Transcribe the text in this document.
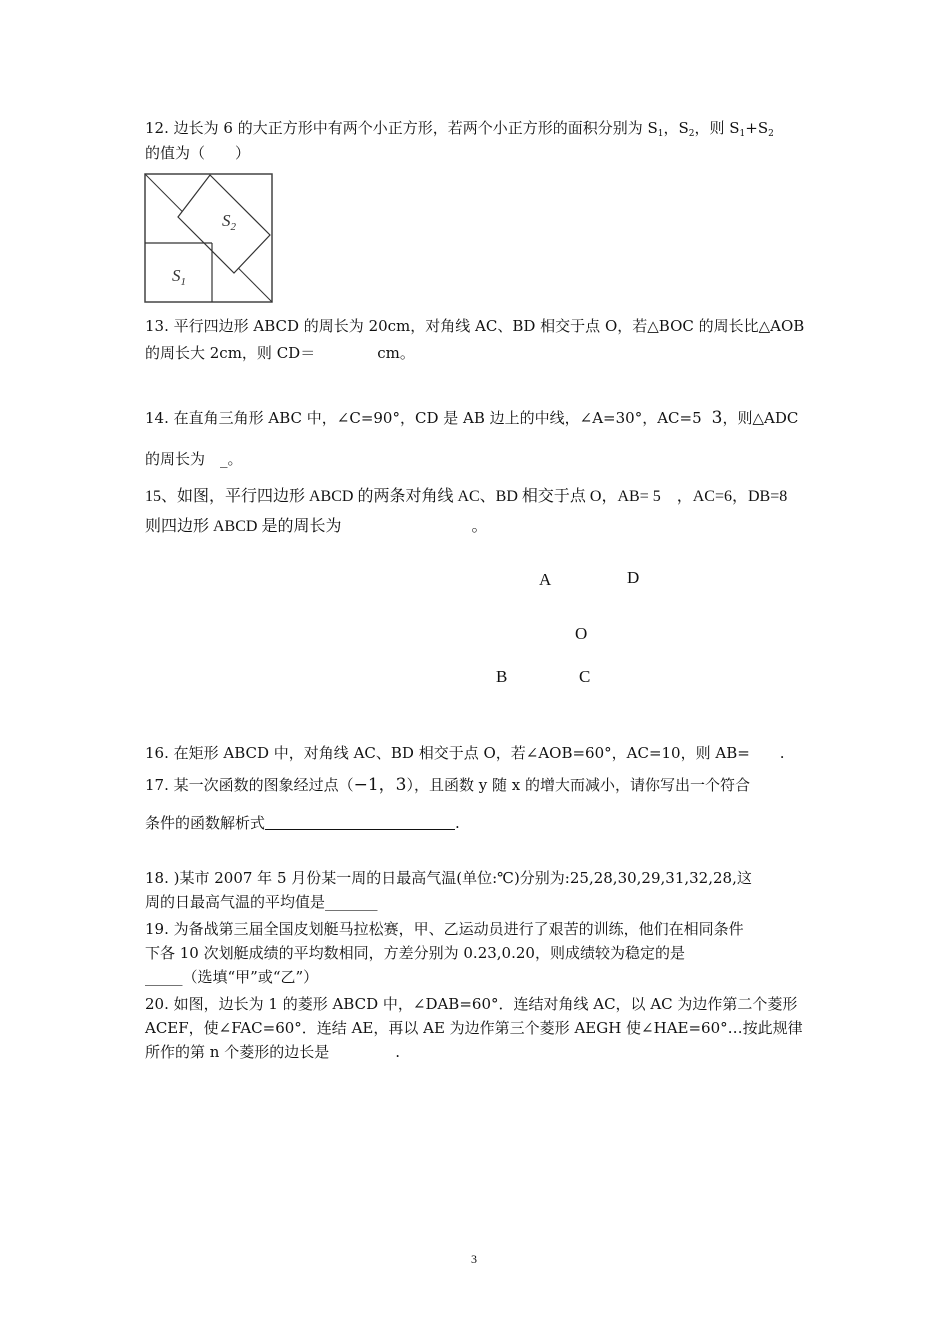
12. 边长为 6 的大正方形中有两个小正方形，若两个小正方形的面积分别为 $S_1$，$S_2$，则 $S_1+S_2$
的值为（　　）
$S_2$
$S_1$
13. 平行四边形 ABCD 的周长为 20cm，对角线 AC、BD 相交于点 O，若△BOC 的周长比△AOB
的周长大 2cm，则 CD＝	cm。
14. 在直角三角形 ABC 中，∠C=90°，CD 是 AB 边上的中线，∠A=30°，AC=5 3，则△ADC
的周长为　_。
15、如图，平行四边形 ABCD 的两条对角线 AC、BD 相交于点 O，AB= 5　，AC=6，DB=8
则四边形 ABCD 是的周长为	。
A	D
O
B	C
16. 在矩形 ABCD 中，对角线 AC、BD 相交于点 O，若∠AOB=60°，AC=10，则 AB=　　.
17. 某一次函数的图象经过点（−1，3），且函数 y 随 x 的增大而减小，请你写出一个符合
条件的函数解析式	.
18. )某市 2007 年 5 月份某一周的日最高气温(单位:℃)分别为:25,28,30,29,31,32,28,这
周的日最高气温的平均值是_______
19. 为备战第三届全国皮划艇马拉松赛，甲、乙运动员进行了艰苦的训练，他们在相同条件
下各 10 次划艇成绩的平均数相同，方差分别为 0.23,0.20，则成绩较为稳定的是
_____（选填“甲”或“乙”）
20. 如图，边长为 1 的菱形 ABCD 中，∠DAB=60°．连结对角线 AC，以 AC 为边作第二个菱形
ACEF，使∠FAC=60°．连结 AE，再以 AE 为边作第三个菱形 AEGH 使∠HAE=60°…按此规律
所作的第 n 个菱形的边长是	.
3
